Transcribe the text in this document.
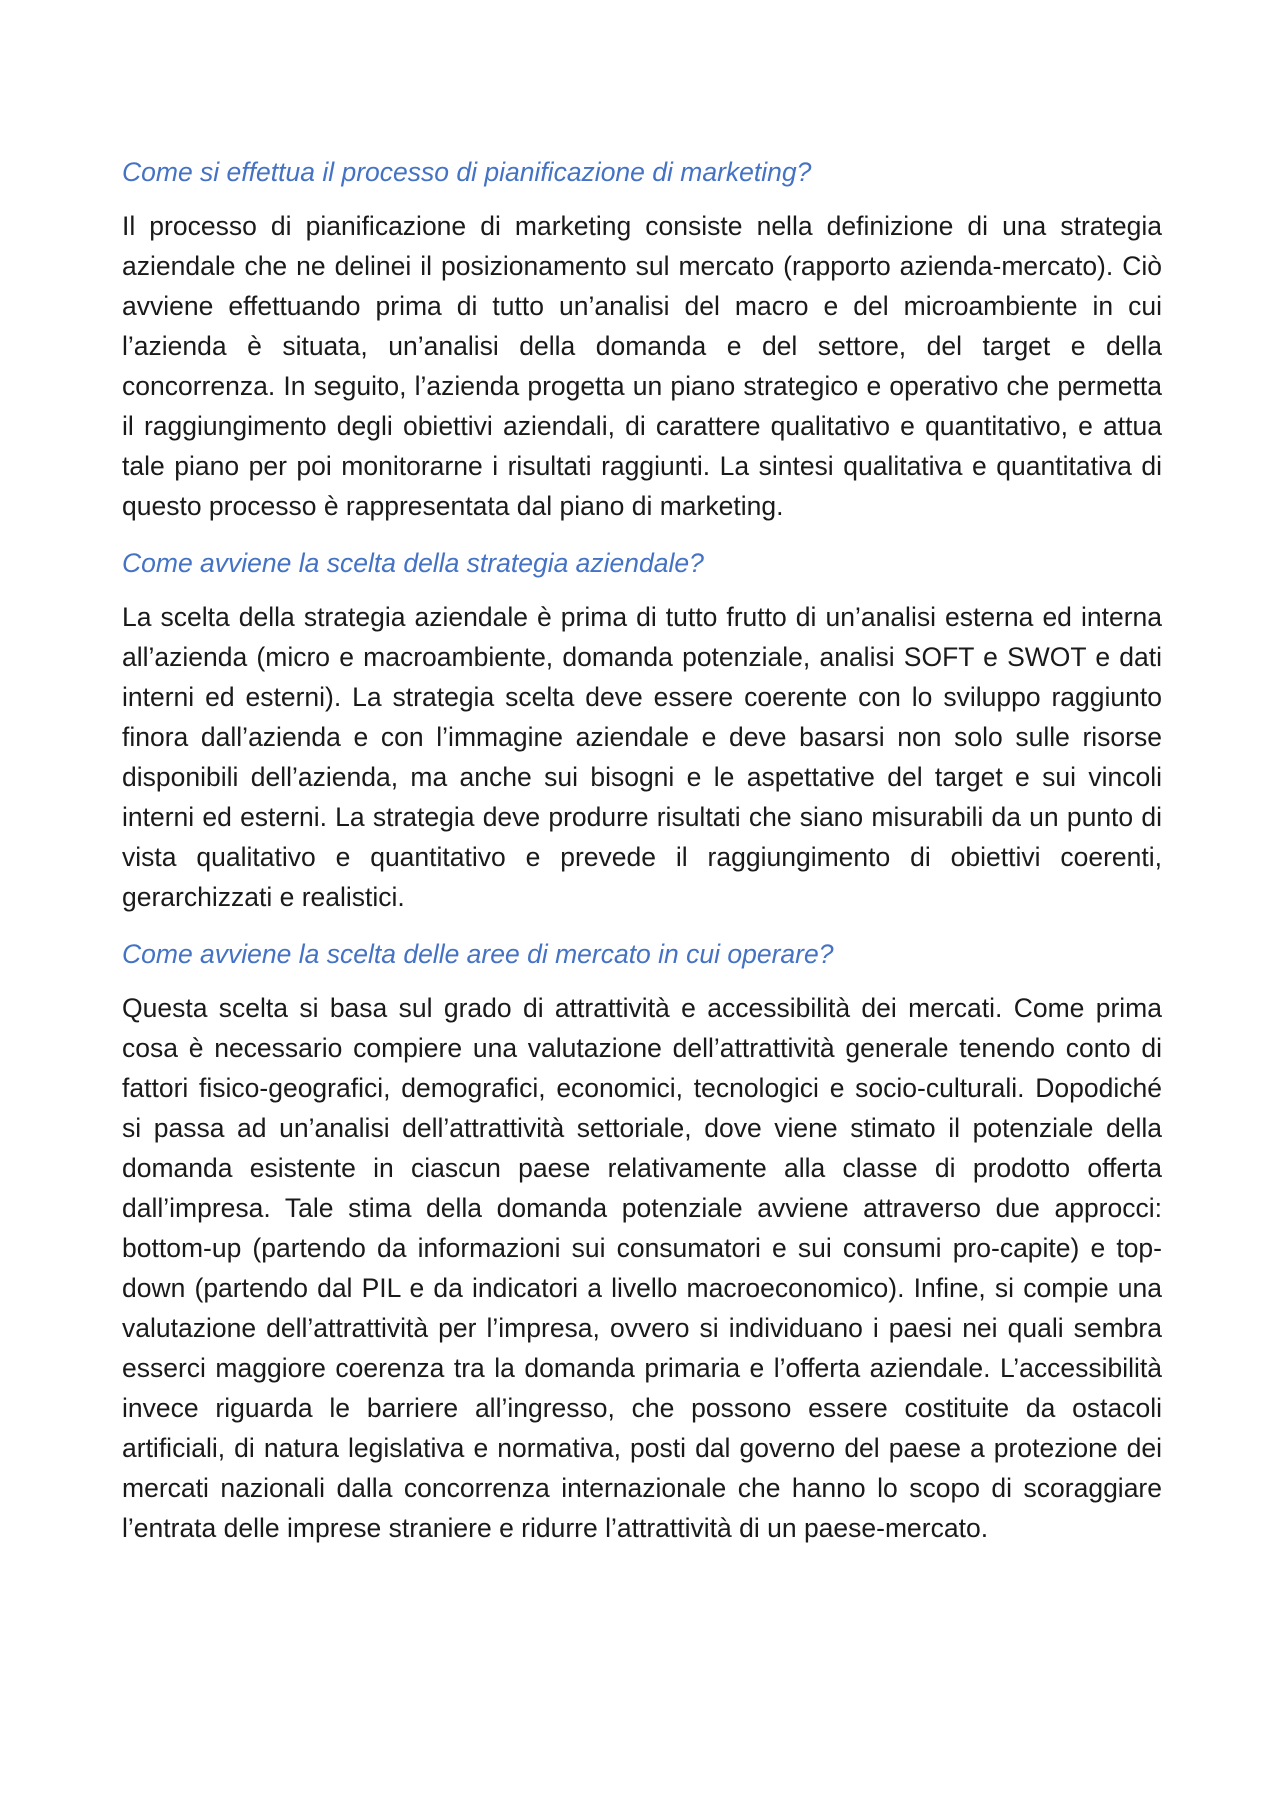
Come si effettua il processo di pianificazione di marketing?

Il processo di pianificazione di marketing consiste nella definizione di una strategia aziendale che ne delinei il posizionamento sul mercato (rapporto azienda-mercato). Ciò avviene effettuando prima di tutto un’analisi del macro e del microambiente in cui l’azienda è situata, un’analisi della domanda e del settore, del target e della concorrenza. In seguito, l’azienda progetta un piano strategico e operativo che permetta il raggiungimento degli obiettivi aziendali, di carattere qualitativo e quantitativo, e attua tale piano per poi monitorarne i risultati raggiunti. La sintesi qualitativa e quantitativa di questo processo è rappresentata dal piano di marketing.

Come avviene la scelta della strategia aziendale?

La scelta della strategia aziendale è prima di tutto frutto di un’analisi esterna ed interna all’azienda (micro e macroambiente, domanda potenziale, analisi SOFT e SWOT e dati interni ed esterni). La strategia scelta deve essere coerente con lo sviluppo raggiunto finora dall’azienda e con l’immagine aziendale e deve basarsi non solo sulle risorse disponibili dell’azienda, ma anche sui bisogni e le aspettative del target e sui vincoli interni ed esterni. La strategia deve produrre risultati che siano misurabili da un punto di vista qualitativo e quantitativo e prevede il raggiungimento di obiettivi coerenti, gerarchizzati e realistici.

Come avviene la scelta delle aree di mercato in cui operare?

Questa scelta si basa sul grado di attrattività e accessibilità dei mercati. Come prima cosa è necessario compiere una valutazione dell’attrattività generale tenendo conto di fattori fisico-geografici, demografici, economici, tecnologici e socio-culturali. Dopodiché si passa ad un’analisi dell’attrattività settoriale, dove viene stimato il potenziale della domanda esistente in ciascun paese relativamente alla classe di prodotto offerta dall’impresa. Tale stima della domanda potenziale avviene attraverso due approcci: bottom-up (partendo da informazioni sui consumatori e sui consumi pro-capite) e top-down (partendo dal PIL e da indicatori a livello macroeconomico). Infine, si compie una valutazione dell’attrattività per l’impresa, ovvero si individuano i paesi nei quali sembra esserci maggiore coerenza tra la domanda primaria e l’offerta aziendale. L’accessibilità invece riguarda le barriere all’ingresso, che possono essere costituite da ostacoli artificiali, di natura legislativa e normativa, posti dal governo del paese a protezione dei mercati nazionali dalla concorrenza internazionale che hanno lo scopo di scoraggiare l’entrata delle imprese straniere e ridurre l’attrattività di un paese-mercato.
